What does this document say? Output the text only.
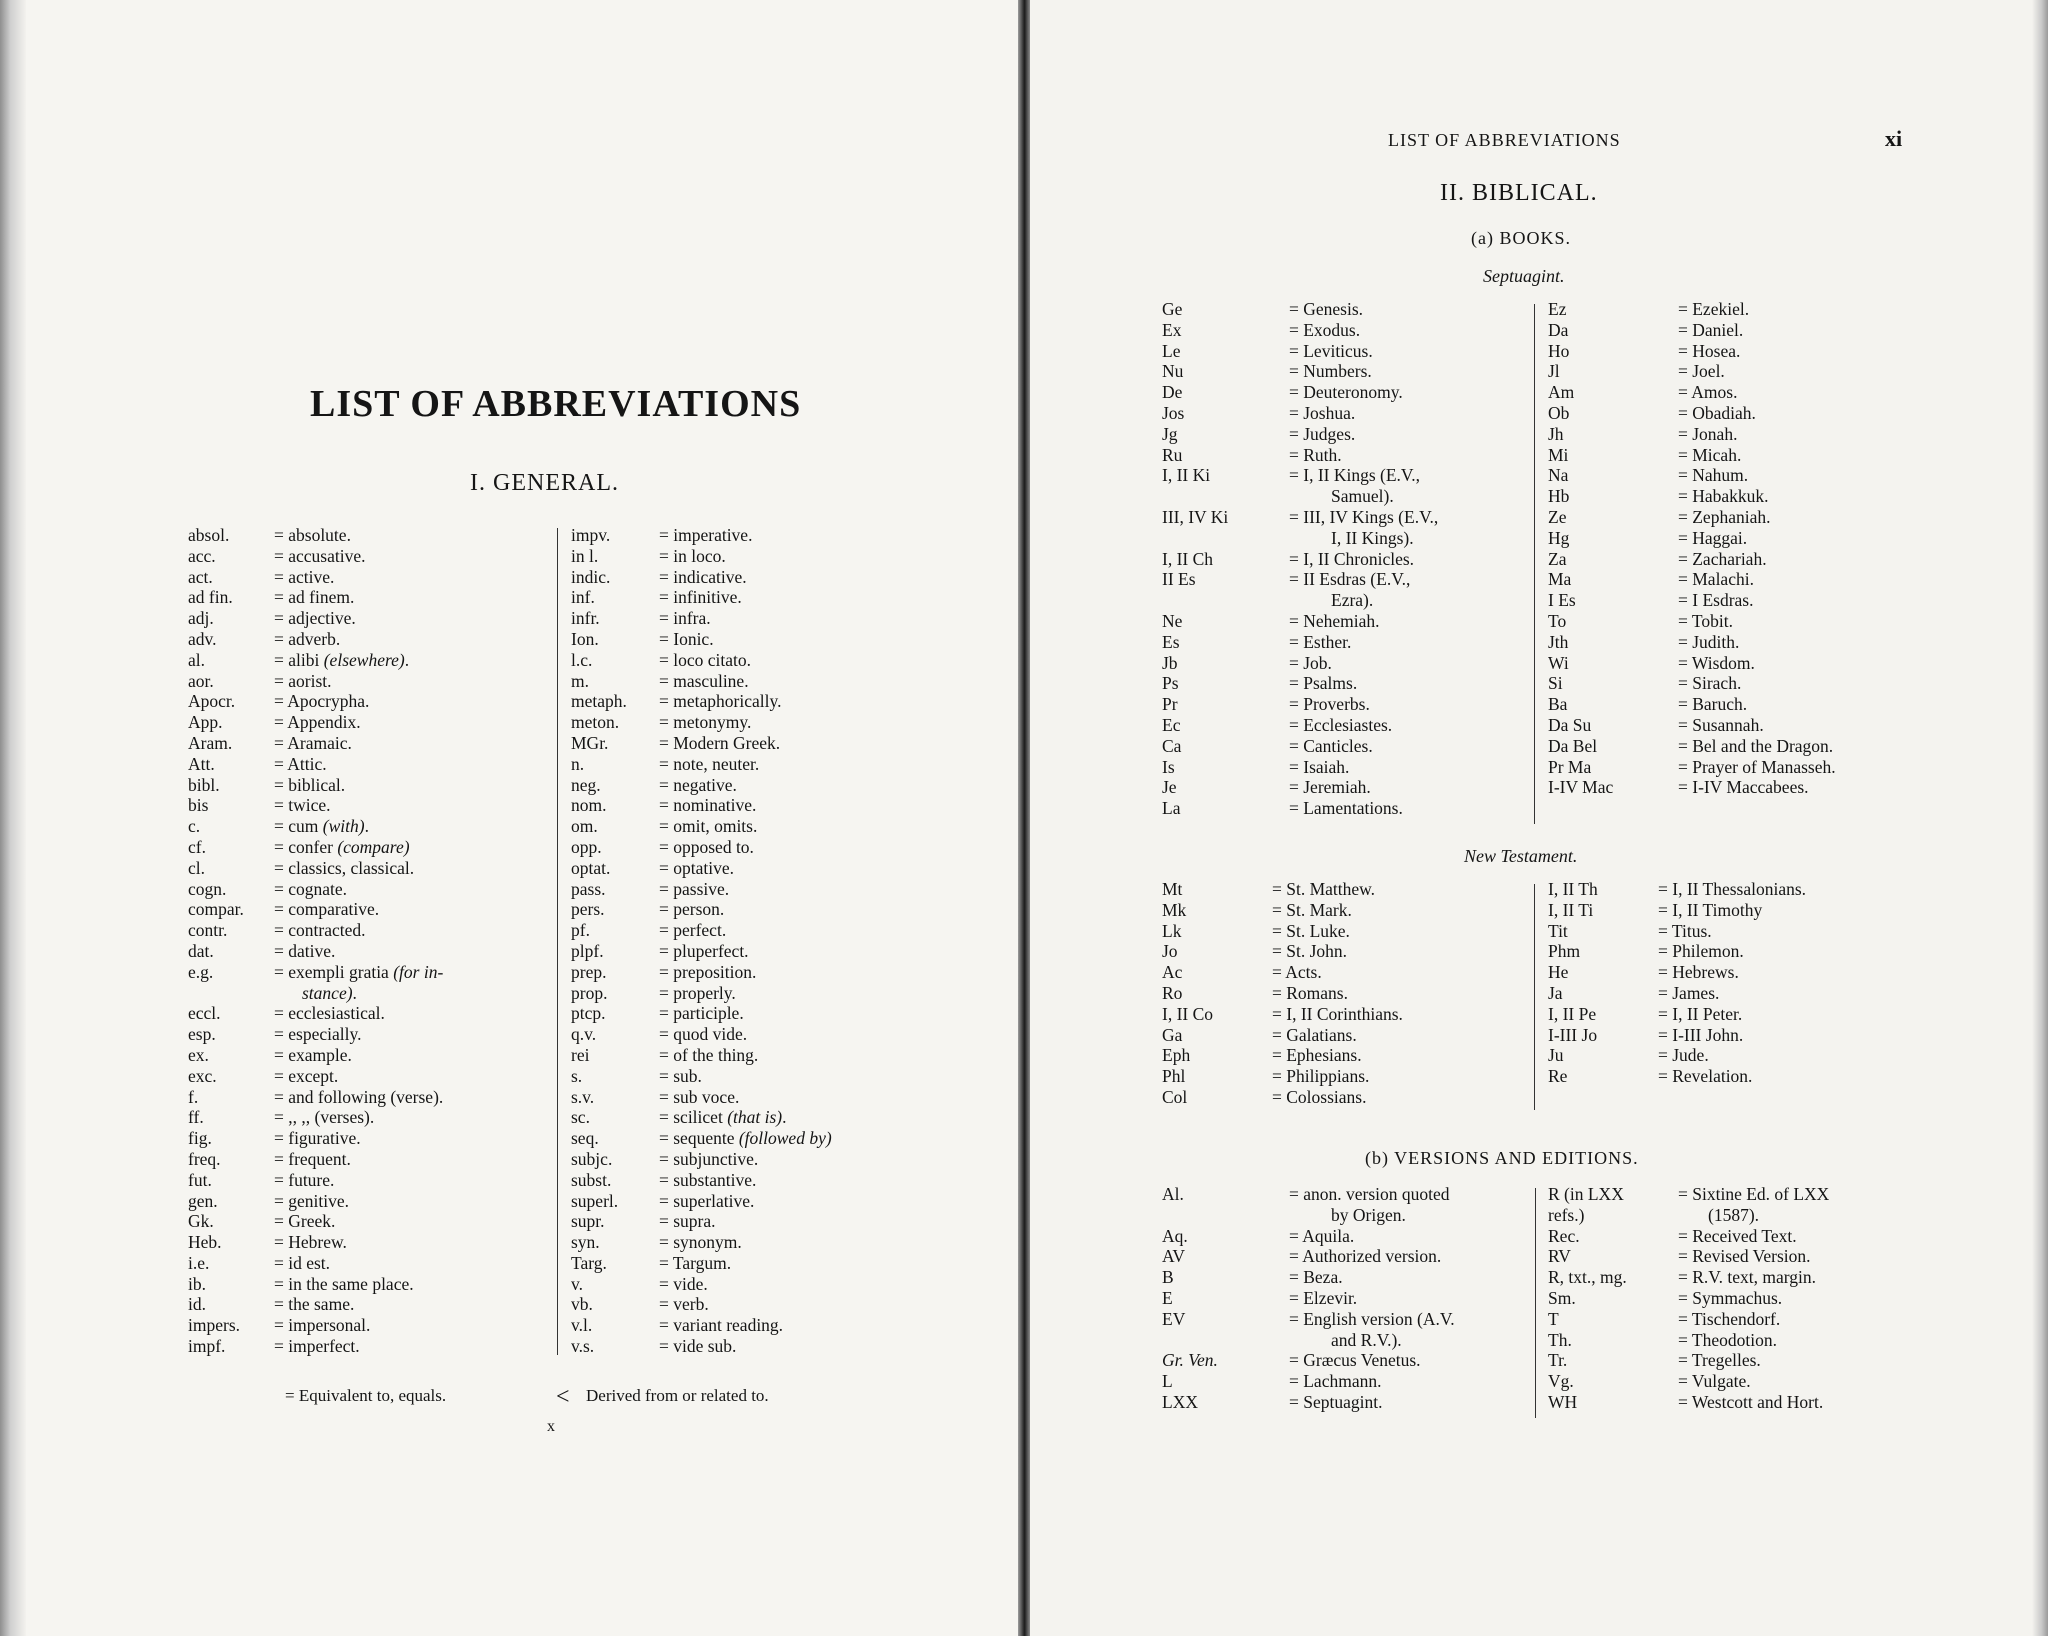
LIST OF ABBREVIATIONS
I. GENERAL.
absol.	= absolute.
acc.	= accusative.
act.	= active.
ad fin.	= ad finem.
adj.	= adjective.
adv.	= adverb.
al.	= alibi (elsewhere).
aor.	= aorist.
Apocr.	= Apocrypha.
App.	= Appendix.
Aram.	= Aramaic.
Att.	= Attic.
bibl.	= biblical.
bis	= twice.
c.	= cum (with).
cf.	= confer (compare)
cl.	= classics, classical.
cogn.	= cognate.
compar.	= comparative.
contr.	= contracted.
dat.	= dative.
e.g.	= exempli gratia (for in-
stance).
eccl.	= ecclesiastical.
esp.	= especially.
ex.	= example.
exc.	= except.
f.	= and following (verse).
ff.	= ,, ,, (verses).
fig.	= figurative.
freq.	= frequent.
fut.	= future.
gen.	= genitive.
Gk.	= Greek.
Heb.	= Hebrew.
i.e.	= id est.
ib.	= in the same place.
id.	= the same.
impers.	= impersonal.
impf.	= imperfect.
impv.	= imperative.
in l.	= in loco.
indic.	= indicative.
inf.	= infinitive.
infr.	= infra.
Ion.	= Ionic.
l.c.	= loco citato.
m.	= masculine.
metaph.	= metaphorically.
meton.	= metonymy.
MGr.	= Modern Greek.
n.	= note, neuter.
neg.	= negative.
nom.	= nominative.
om.	= omit, omits.
opp.	= opposed to.
optat.	= optative.
pass.	= passive.
pers.	= person.
pf.	= perfect.
plpf.	= pluperfect.
prep.	= preposition.
prop.	= properly.
ptcp.	= participle.
q.v.	= quod vide.
rei	= of the thing.
s.	= sub.
s.v.	= sub voce.
sc.	= scilicet (that is).
seq.	= sequente (followed by)
subjc.	= subjunctive.
subst.	= substantive.
superl.	= superlative.
supr.	= supra.
syn.	= synonym.
Targ.	= Targum.
v.	= vide.
vb.	= verb.
v.l.	= variant reading.
v.s.	= vide sub.
= Equivalent to, equals.	< Derived from or related to.
x
LIST OF ABBREVIATIONS	xi
II. BIBLICAL.
(a) BOOKS.
Septuagint.
Ge	= Genesis.
Ex	= Exodus.
Le	= Leviticus.
Nu	= Numbers.
De	= Deuteronomy.
Jos	= Joshua.
Jg	= Judges.
Ru	= Ruth.
I, II Ki	= I, II Kings (E.V.,
Samuel).
III, IV Ki	= III, IV Kings (E.V.,
I, II Kings).
I, II Ch	= I, II Chronicles.
II Es	= II Esdras (E.V.,
Ezra).
Ne	= Nehemiah.
Es	= Esther.
Jb	= Job.
Ps	= Psalms.
Pr	= Proverbs.
Ec	= Ecclesiastes.
Ca	= Canticles.
Is	= Isaiah.
Je	= Jeremiah.
La	= Lamentations.
Ez	= Ezekiel.
Da	= Daniel.
Ho	= Hosea.
Jl	= Joel.
Am	= Amos.
Ob	= Obadiah.
Jh	= Jonah.
Mi	= Micah.
Na	= Nahum.
Hb	= Habakkuk.
Ze	= Zephaniah.
Hg	= Haggai.
Za	= Zachariah.
Ma	= Malachi.
I Es	= I Esdras.
To	= Tobit.
Jth	= Judith.
Wi	= Wisdom.
Si	= Sirach.
Ba	= Baruch.
Da Su	= Susannah.
Da Bel	= Bel and the Dragon.
Pr Ma	= Prayer of Manasseh.
I-IV Mac	= I-IV Maccabees.
New Testament.
Mt	= St. Matthew.
Mk	= St. Mark.
Lk	= St. Luke.
Jo	= St. John.
Ac	= Acts.
Ro	= Romans.
I, II Co	= I, II Corinthians.
Ga	= Galatians.
Eph	= Ephesians.
Phl	= Philippians.
Col	= Colossians.
I, II Th	= I, II Thessalonians.
I, II Ti	= I, II Timothy
Tit	= Titus.
Phm	= Philemon.
He	= Hebrews.
Ja	= James.
I, II Pe	= I, II Peter.
I-III Jo	= I-III John.
Ju	= Jude.
Re	= Revelation.
(b) VERSIONS AND EDITIONS.
Al.	= anon. version quoted
by Origen.
Aq.	= Aquila.
AV	= Authorized version.
B	= Beza.
E	= Elzevir.
EV	= English version (A.V.
and R.V.).
Gr. Ven.	= Græcus Venetus.
L	= Lachmann.
LXX	= Septuagint.
R (in LXX	= Sixtine Ed. of LXX
refs.)	(1587).
Rec.	= Received Text.
RV	= Revised Version.
R, txt., mg.	= R.V. text, margin.
Sm.	= Symmachus.
T	= Tischendorf.
Th.	= Theodotion.
Tr.	= Tregelles.
Vg.	= Vulgate.
WH	= Westcott and Hort.
